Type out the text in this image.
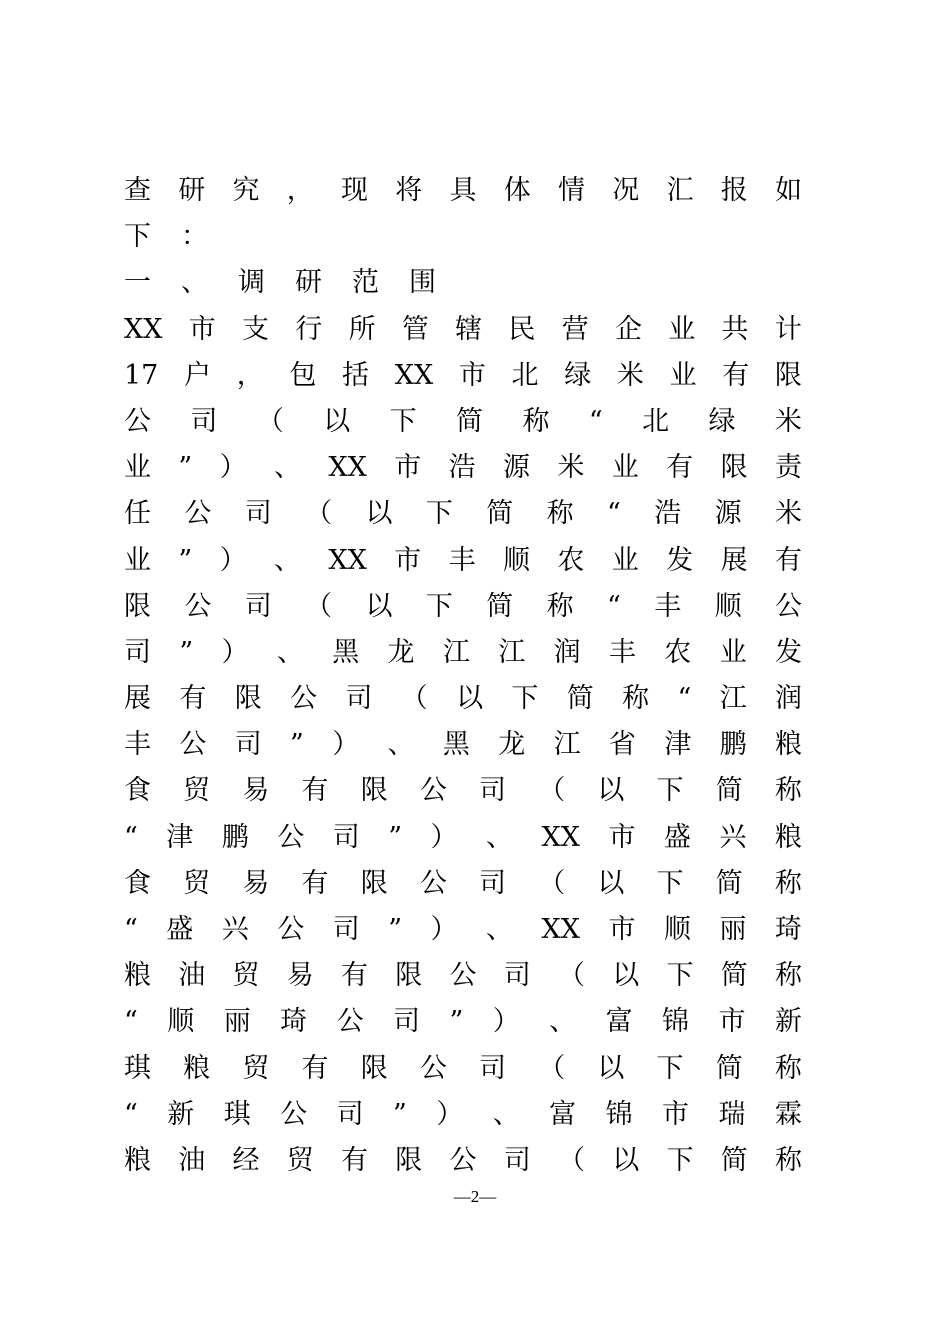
查 研 究 ， 现 将 具 体 情 况 汇 报 如
下 ：
一 、 调 研 范 围
XX 市 支 行 所 管 辖 民 营 企 业 共 计
17 户 ， 包 括 XX 市 北 绿 米 业 有 限
公 司 （ 以 下 简 称 “ 北 绿 米
业 ” ） 、 XX 市 浩 源 米 业 有 限 责
任 公 司 （ 以 下 简 称 “ 浩 源 米
业 ” ） 、 XX 市 丰 顺 农 业 发 展 有
限 公 司 （ 以 下 简 称 “ 丰 顺 公
司 ” ） 、 黑 龙 江 江 润 丰 农 业 发
展 有 限 公 司 （ 以 下 简 称 “ 江 润
丰 公 司 ” ） 、 黑 龙 江 省 津 鹏 粮
食 贸 易 有 限 公 司 （ 以 下 简 称
“ 津 鹏 公 司 ” ） 、 XX 市 盛 兴 粮
食 贸 易 有 限 公 司 （ 以 下 简 称
“ 盛 兴 公 司 ” ） 、 XX 市 顺 丽 琦
粮 油 贸 易 有 限 公 司 （ 以 下 简 称
“ 顺 丽 琦 公 司 ” ） 、 富 锦 市 新
琪 粮 贸 有 限 公 司 （ 以 下 简 称
“ 新 琪 公 司 ” ） 、 富 锦 市 瑞 霖
粮 油 经 贸 有 限 公 司 （ 以 下 简 称
—2—
